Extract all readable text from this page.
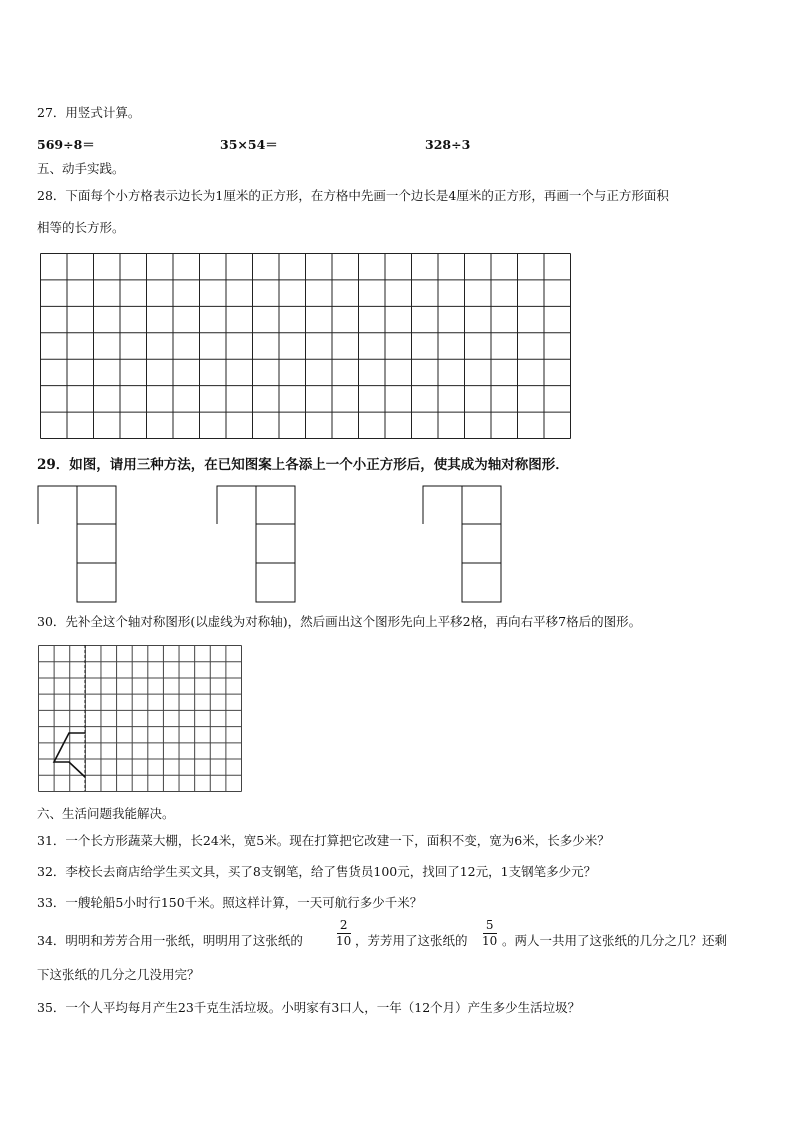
27．用竖式计算。
569÷8＝	35×54＝	328÷3
五、动手实践。
28．下面每个小方格表示边长为1厘米的正方形，在方格中先画一个边长是4厘米的正方形，再画一个与正方形面积
相等的长方形。
29．如图，请用三种方法，在已知图案上各添上一个小正方形后，使其成为轴对称图形．
30．先补全这个轴对称图形(以虚线为对称轴)，然后画出这个图形先向上平移2格，再向右平移7格后的图形。
六、生活问题我能解决。
31．一个长方形蔬菜大棚，长24米，宽5米。现在打算把它改建一下，面积不变，宽为6米，长多少米？
32．李校长去商店给学生买文具，买了8支钢笔，给了售货员100元，找回了12元，1支钢笔多少元？
33．一艘轮船5小时行150千米。照这样计算，一天可航行多少千米？
34．明明和芳芳合用一张纸，明明用了这张纸的
2
10 ，芳芳用了这张纸的
5
10 。两人一共用了这张纸的几分之几？还剩
下这张纸的几分之几没用完？
35．一个人平均每月产生23千克生活垃圾。小明家有3口人，一年（12个月）产生多少生活垃圾？
